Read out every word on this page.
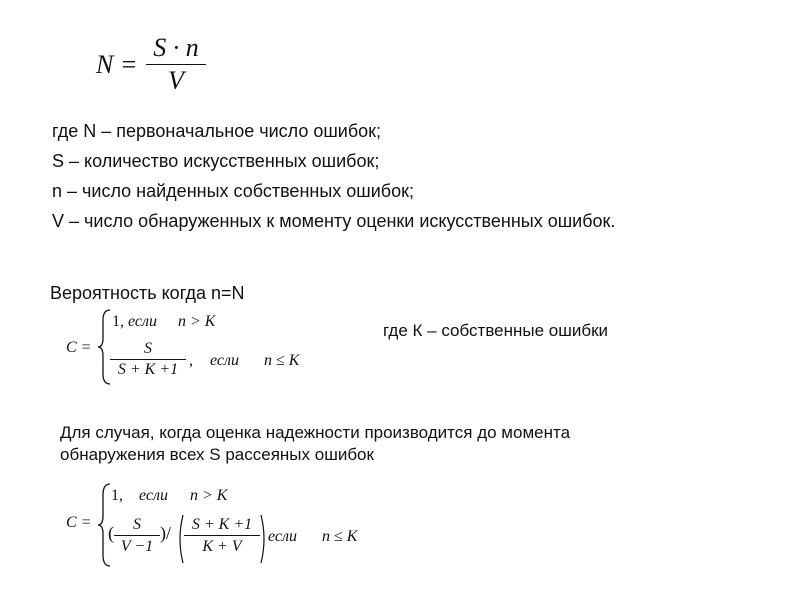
N =
S · n
V
где N – первоначальное число ошибок;
S – количество искусственных ошибок;
n – число найденных собственных ошибок;
V – число обнаруженных к моменту оценки искусственных ошибок.
Вероятность когда n=N
C =
1, если n > K
S
S + K +1
, если n ≤ K
где К – собственные ошибки
Для случая, когда оценка надежности производится до момента
обнаружения всех S рассеяных ошибок
C =
1, если n > K
(	S
V −1
)/	S + K +1
K + V
если n ≤ K
